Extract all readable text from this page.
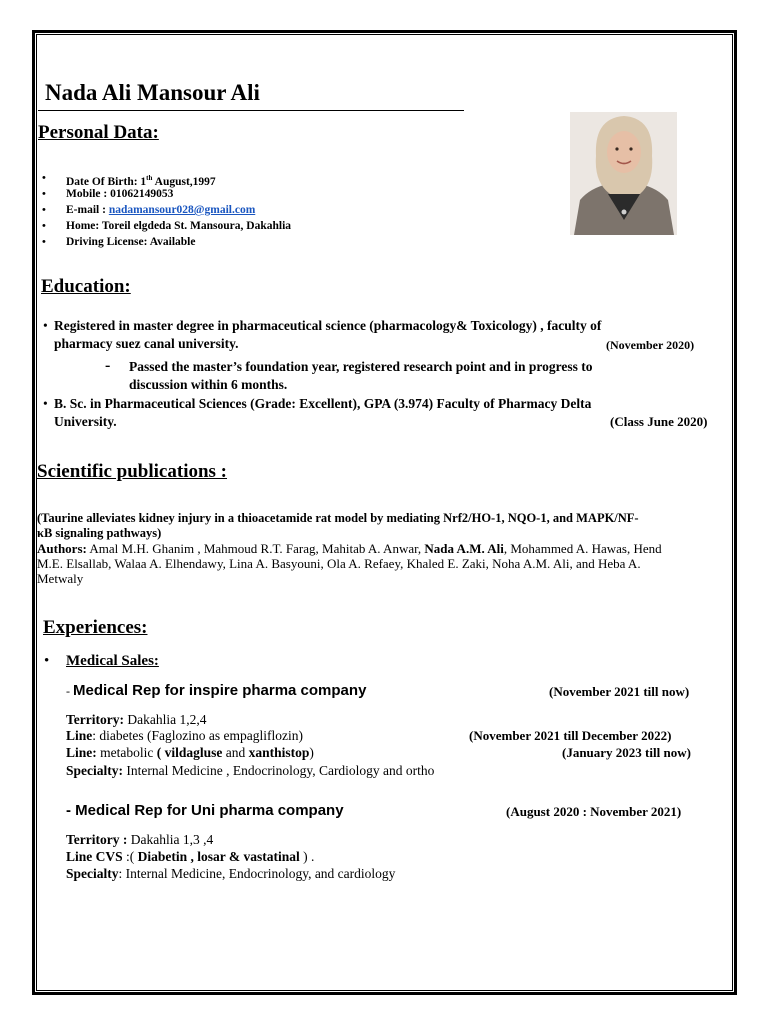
Nada Ali Mansour Ali
Personal Data:
• Date Of Birth: 1th August,1997
• Mobile : 01062149053
• E-mail : nadamansour028@gmail.com
• Home: Toreil elgdeda St. Mansoura, Dakahlia
• Driving License: Available
Education:
• Registered in master degree in pharmaceutical science (pharmacology& Toxicology) , faculty of
pharmacy suez canal university.	(November 2020)
- Passed the master’s foundation year, registered research point and in progress to
discussion within 6 months.
• B. Sc. in Pharmaceutical Sciences (Grade: Excellent), GPA (3.974) Faculty of Pharmacy Delta
University.	(Class June 2020)
Scientific publications :
(Taurine alleviates kidney injury in a thioacetamide rat model by mediating Nrf2/HO-1, NQO-1, and MAPK/NF-
κB signaling pathways)
Authors: Amal M.H. Ghanim , Mahmoud R.T. Farag, Mahitab A. Anwar, Nada A.M. Ali, Mohammed A. Hawas, Hend
M.E. Elsallab, Walaa A. Elhendawy, Lina A. Basyouni, Ola A. Refaey, Khaled E. Zaki, Noha A.M. Ali, and Heba A.
Metwaly
Experiences:
• Medical Sales:
- Medical Rep for inspire pharma company	(November 2021 till now)
Territory: Dakahlia 1,2,4
Line: diabetes (Faglozino as empagliflozin)	(November 2021 till December 2022)
Line: metabolic ( vildagluse and xanthistop)	(January 2023 till now)
Specialty: Internal Medicine , Endocrinology, Cardiology and ortho
- Medical Rep for Uni pharma company	(August 2020 : November 2021)
Territory : Dakahlia 1,3 ,4
Line CVS :( Diabetin , losar & vastatinal ) .
Specialty: Internal Medicine, Endocrinology, and cardiology
